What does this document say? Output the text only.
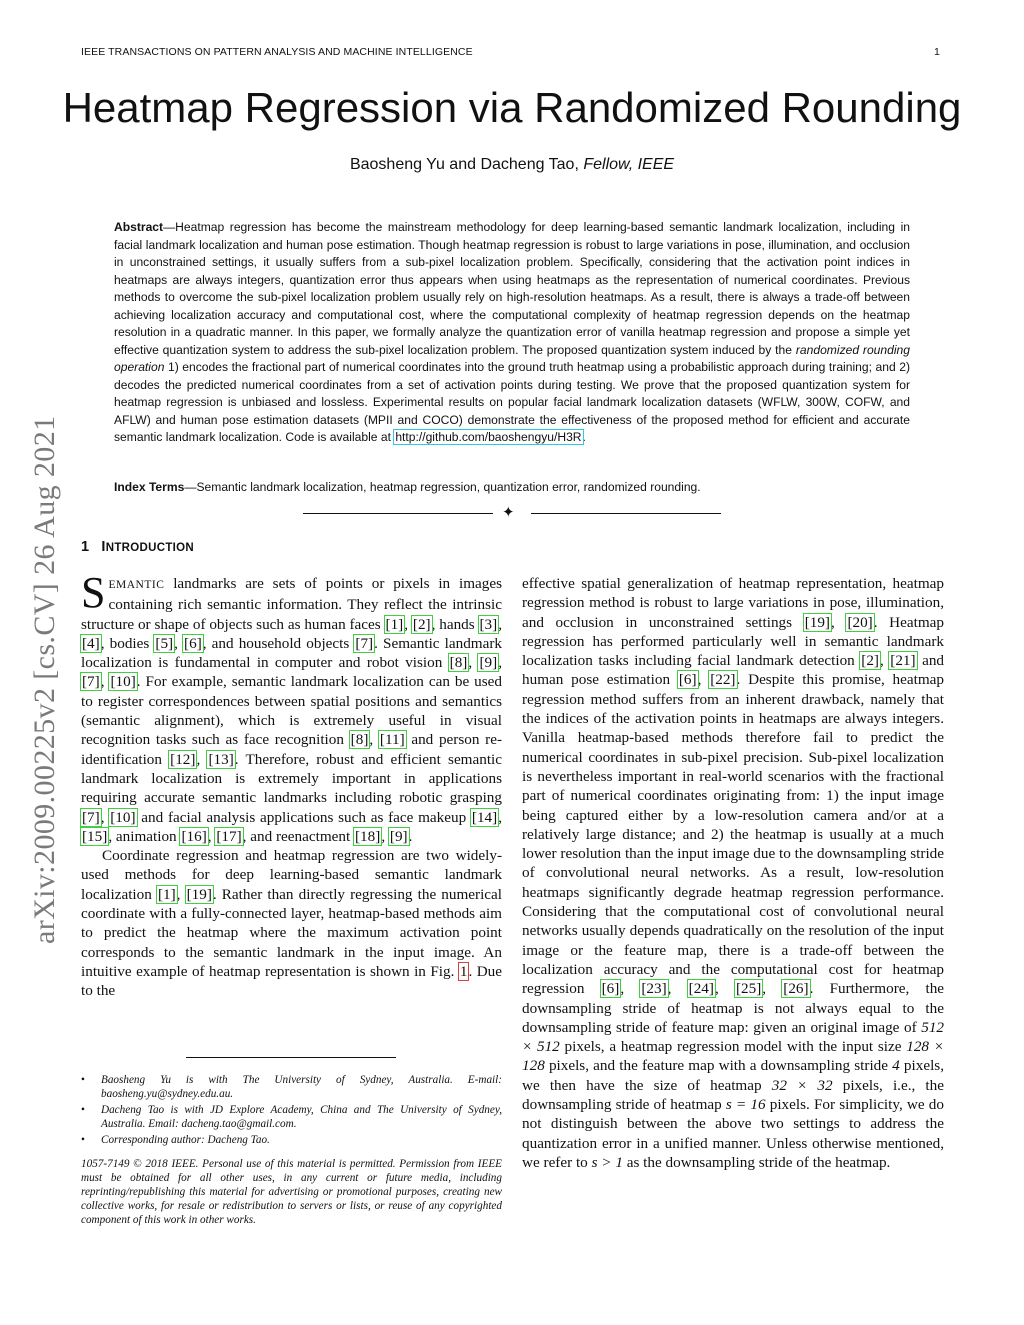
IEEE TRANSACTIONS ON PATTERN ANALYSIS AND MACHINE INTELLIGENCE	1
Heatmap Regression via Randomized Rounding
Baosheng Yu and Dacheng Tao, Fellow, IEEE

Abstract—Heatmap regression has become the mainstream methodology for deep learning-based semantic landmark localization, including in facial landmark localization and human pose estimation. Though heatmap regression is robust to large variations in pose, illumination, and occlusion in unconstrained settings, it usually suffers from a sub-pixel localization problem. Specifically, considering that the activation point indices in heatmaps are always integers, quantization error thus appears when using heatmaps as the representation of numerical coordinates. Previous methods to overcome the sub-pixel localization problem usually rely on high-resolution heatmaps. As a result, there is always a trade-off between achieving localization accuracy and computational cost, where the computational complexity of heatmap regression depends on the heatmap resolution in a quadratic manner. In this paper, we formally analyze the quantization error of vanilla heatmap regression and propose a simple yet effective quantization system to address the sub-pixel localization problem. The proposed quantization system induced by the randomized rounding operation 1) encodes the fractional part of numerical coordinates into the ground truth heatmap using a probabilistic approach during training; and 2) decodes the predicted numerical coordinates from a set of activation points during testing. We prove that the proposed quantization system for heatmap regression is unbiased and lossless. Experimental results on popular facial landmark localization datasets (WFLW, 300W, COFW, and AFLW) and human pose estimation datasets (MPII and COCO) demonstrate the effectiveness of the proposed method for efficient and accurate semantic landmark localization. Code is available at http://github.com/baoshengyu/H3R.

Index Terms—Semantic landmark localization, heatmap regression, quantization error, randomized rounding.

✦
1 INTRODUCTION

SEMANTIC landmarks are sets of points or pixels in images containing rich semantic information. They reflect the intrinsic structure or shape of objects such as human faces [1], [2], hands [3], [4], bodies [5], [6], and household objects [7]. Semantic landmark localization is fundamental in computer and robot vision [8], [9], [7], [10]. For example, semantic landmark localization can be used to register correspondences between spatial positions and semantics (semantic alignment), which is extremely useful in visual recognition tasks such as face recognition [8], [11] and person re-identification [12], [13]. Therefore, robust and efficient semantic landmark localization is extremely important in applications requiring accurate semantic landmarks including robotic grasping [7], [10] and facial analysis applications such as face makeup [14], [15], animation [16], [17], and reenactment [18], [9].

Coordinate regression and heatmap regression are two widely-used methods for deep learning-based semantic landmark localization [1], [19]. Rather than directly regressing the numerical coordinate with a fully-connected layer, heatmap-based methods aim to predict the heatmap where the maximum activation point corresponds to the semantic landmark in the input image. An intuitive example of heatmap representation is shown in Fig. 1. Due to the

• Baosheng Yu is with The University of Sydney, Australia. E-mail: baosheng.yu@sydney.edu.au.
• Dacheng Tao is with JD Explore Academy, China and The University of Sydney, Australia. Email: dacheng.tao@gmail.com.
• Corresponding author: Dacheng Tao.
1057-7149 © 2018 IEEE. Personal use of this material is permitted. Permission from IEEE must be obtained for all other uses, in any current or future media, including reprinting/republishing this material for advertising or promotional purposes, creating new collective works, for resale or redistribution to servers or lists, or reuse of any copyrighted component of this work in other works.

effective spatial generalization of heatmap representation, heatmap regression method is robust to large variations in pose, illumination, and occlusion in unconstrained settings [19], [20]. Heatmap regression has performed particularly well in semantic landmark localization tasks including facial landmark detection [2], [21] and human pose estimation [6], [22]. Despite this promise, heatmap regression method suffers from an inherent drawback, namely that the indices of the activation points in heatmaps are always integers. Vanilla heatmap-based methods therefore fail to predict the numerical coordinates in sub-pixel precision. Sub-pixel localization is nevertheless important in real-world scenarios with the fractional part of numerical coordinates originating from: 1) the input image being captured either by a low-resolution camera and/or at a relatively large distance; and 2) the heatmap is usually at a much lower resolution than the input image due to the downsampling stride of convolutional neural networks. As a result, low-resolution heatmaps significantly degrade heatmap regression performance. Considering that the computational cost of convolutional neural networks usually depends quadratically on the resolution of the input image or the feature map, there is a trade-off between the localization accuracy and the computational cost for heatmap regression [6], [23], [24], [25], [26]. Furthermore, the downsampling stride of heatmap is not always equal to the downsampling stride of feature map: given an original image of 512 × 512 pixels, a heatmap regression model with the input size 128 × 128 pixels, and the feature map with a downsampling stride 4 pixels, we then have the size of heatmap 32 × 32 pixels, i.e., the downsampling stride of heatmap s = 16 pixels. For simplicity, we do not distinguish between the above two settings to address the quantization error in a unified manner. Unless otherwise mentioned, we refer to s > 1 as the downsampling stride of the heatmap.

arXiv:2009.00225v2 [cs.CV] 26 Aug 2021
